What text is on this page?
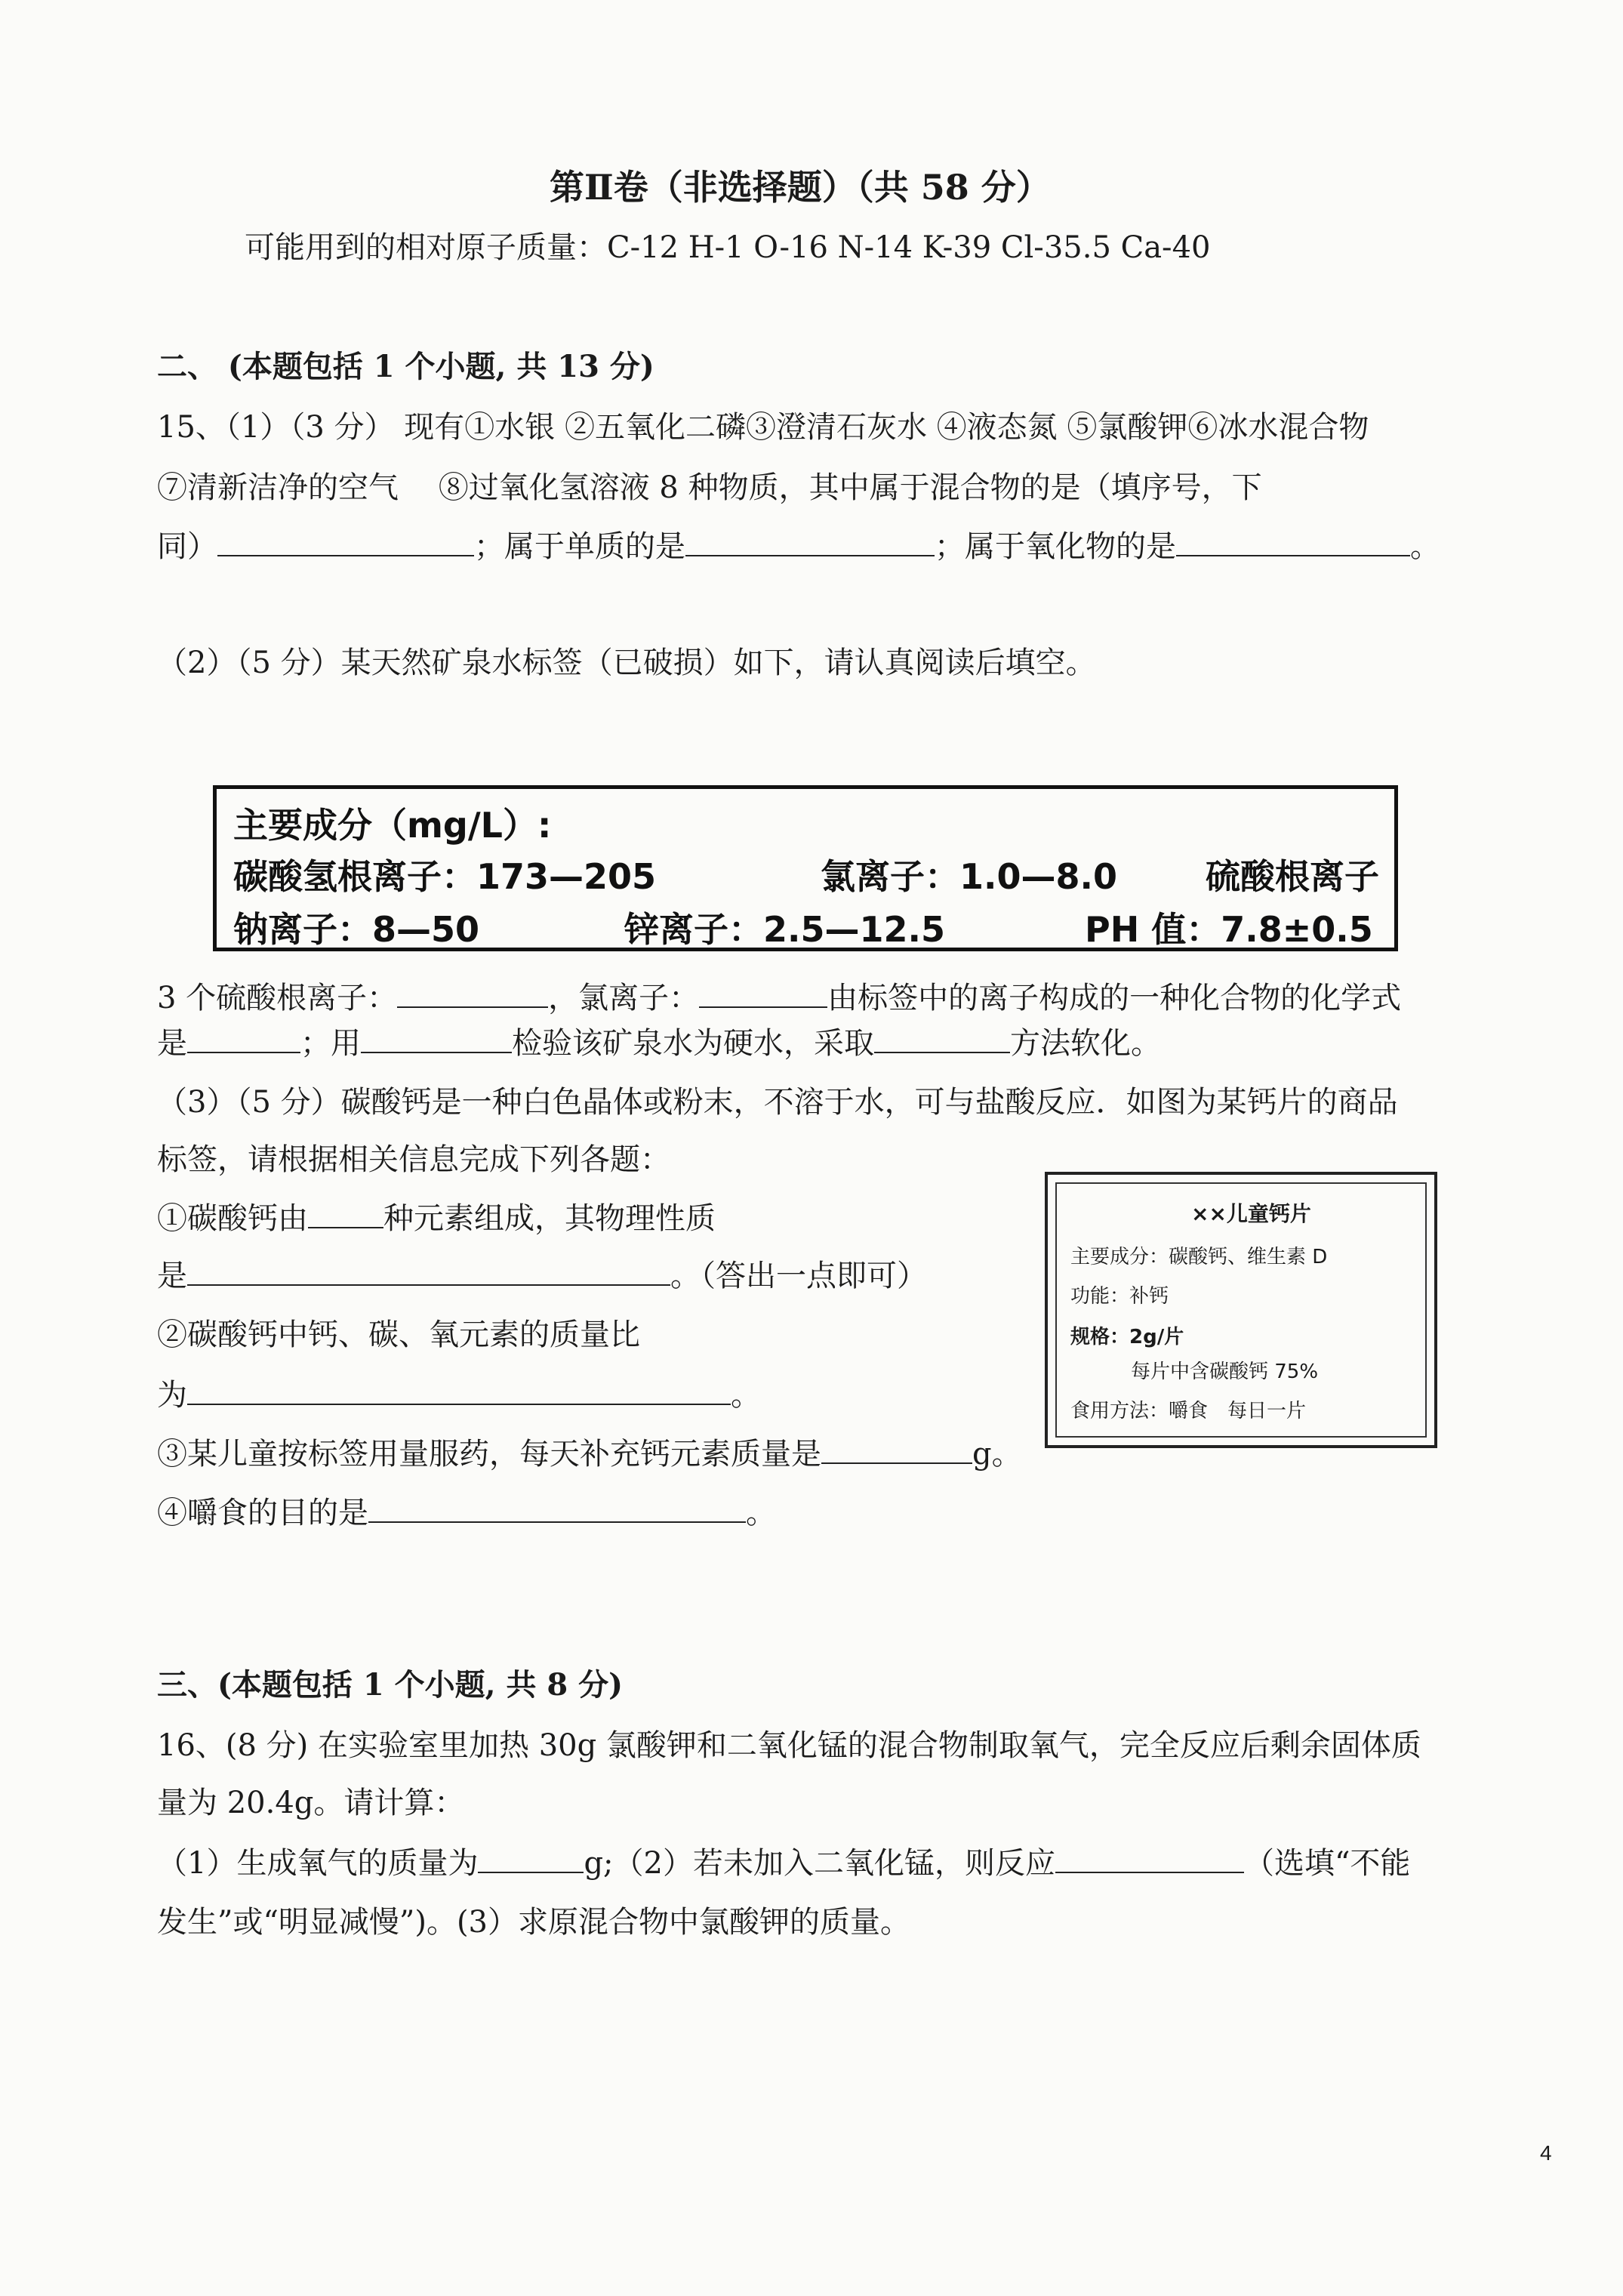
第Ⅱ卷（非选择题）（共 58 分）
可能用到的相对原子质量：C-12 H-1 O-16 N-14 K-39 Cl-35.5 Ca-40
二、 (本题包括 1 个小题, 共 13 分)
15、（1）（3 分） 现有①水银 ②五氧化二磷③澄清石灰水 ④液态氮 ⑤氯酸钾⑥冰水混合物
⑦清新洁净的空气　 ⑧过氧化氢溶液 8 种物质，其中属于混合物的是（填序号，下
同）	；属于单质的是	；属于氧化物的是	。
（2）（5 分）某天然矿泉水标签（已破损）如下，请认真阅读后填空。
主要成分（mg/L）:
碳酸氢根离子：173—205	氯离子：1.0—8.0	硫酸根离子
钠离子：8—50	锌离子：2.5—12.5	PH 值：7.8±0.5
3 个硫酸根离子：	，氯离子：	由标签中的离子构成的一种化合物的化学式
是	；用	检验该矿泉水为硬水，采取	方法软化。
（3）（5 分）碳酸钙是一种白色晶体或粉末，不溶于水，可与盐酸反应．如图为某钙片的商品
标签，请根据相关信息完成下列各题：
①碳酸钙由	种元素组成，其物理性质
是	。（答出一点即可）
②碳酸钙中钙、碳、氧元素的质量比
为	。
③某儿童按标签用量服药，每天补充钙元素质量是	g。
④嚼食的目的是	。
××儿童钙片
主要成分：碳酸钙、维生素 D
功能：补钙
规格：2g/片
每片中含碳酸钙 75%
食用方法：嚼食　每日一片
三、(本题包括 1 个小题, 共 8 分)
16、(8 分) 在实验室里加热 30g 氯酸钾和二氧化锰的混合物制取氧气，完全反应后剩余固体质
量为 20.4g。请计算：
（1）生成氧气的质量为	g;（2）若未加入二氧化锰，则反应	（选填“不能
发生”或“明显减慢”)。(3）求原混合物中氯酸钾的质量。
4
